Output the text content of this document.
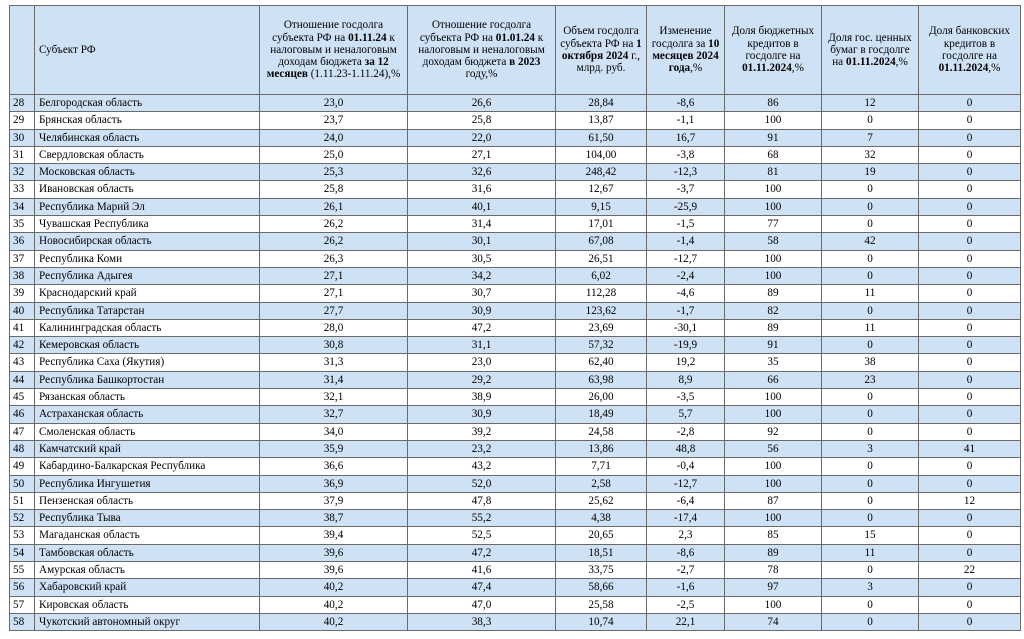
	Субъект РФ	Отношение госдолга субъекта РФ на 01.11.24 к налоговым и неналоговым доходам бюджета за 12 месяцев (1.11.23-1.11.24),%	Отношение госдолга субъекта РФ на 01.01.24 к налоговым и неналоговым доходам бюджета в 2023 году,%	Объем госдолга субъекта РФ на 1 октября 2024 г., млрд. руб.	Изменение госдолга за 10 месяцев 2024 года,%	Доля бюджетных кредитов в госдолге на 01.11.2024,%	Доля гос. ценных бумаг в госдолге на 01.11.2024,%	Доля банковских кредитов в госдолге на 01.11.2024,%
28	Белгородская область	23,0	26,6	28,84	-8,6	86	12	0
29	Брянская область	23,7	25,8	13,87	-1,1	100	0	0
30	Челябинская область	24,0	22,0	61,50	16,7	91	7	0
31	Свердловская область	25,0	27,1	104,00	-3,8	68	32	0
32	Московская область	25,3	32,6	248,42	-12,3	81	19	0
33	Ивановская область	25,8	31,6	12,67	-3,7	100	0	0
34	Республика Марий Эл	26,1	40,1	9,15	-25,9	100	0	0
35	Чувашская Республика	26,2	31,4	17,01	-1,5	77	0	0
36	Новосибирская область	26,2	30,1	67,08	-1,4	58	42	0
37	Республика Коми	26,3	30,5	26,51	-12,7	100	0	0
38	Республика Адыгея	27,1	34,2	6,02	-2,4	100	0	0
39	Краснодарский край	27,1	30,7	112,28	-4,6	89	11	0
40	Республика Татарстан	27,7	30,9	123,62	-1,7	82	0	0
41	Калининградская область	28,0	47,2	23,69	-30,1	89	11	0
42	Кемеровская область	30,8	31,1	57,32	-19,9	91	0	0
43	Республика Саха (Якутия)	31,3	23,0	62,40	19,2	35	38	0
44	Республика Башкортостан	31,4	29,2	63,98	8,9	66	23	0
45	Рязанская область	32,1	38,9	26,00	-3,5	100	0	0
46	Астраханская область	32,7	30,9	18,49	5,7	100	0	0
47	Смоленская область	34,0	39,2	24,58	-2,8	92	0	0
48	Камчатский край	35,9	23,2	13,86	48,8	56	3	41
49	Кабардино-Балкарская Республика	36,6	43,2	7,71	-0,4	100	0	0
50	Республика Ингушетия	36,9	52,0	2,58	-12,7	100	0	0
51	Пензенская область	37,9	47,8	25,62	-6,4	87	0	12
52	Республика Тыва	38,7	55,2	4,38	-17,4	100	0	0
53	Магаданская область	39,4	52,5	20,65	2,3	85	15	0
54	Тамбовская область	39,6	47,2	18,51	-8,6	89	11	0
55	Амурская область	39,6	41,6	33,75	-2,7	78	0	22
56	Хабаровский край	40,2	47,4	58,66	-1,6	97	3	0
57	Кировская область	40,2	47,0	25,58	-2,5	100	0	0
58	Чукотский автономный округ	40,2	38,3	10,74	22,1	74	0	0
